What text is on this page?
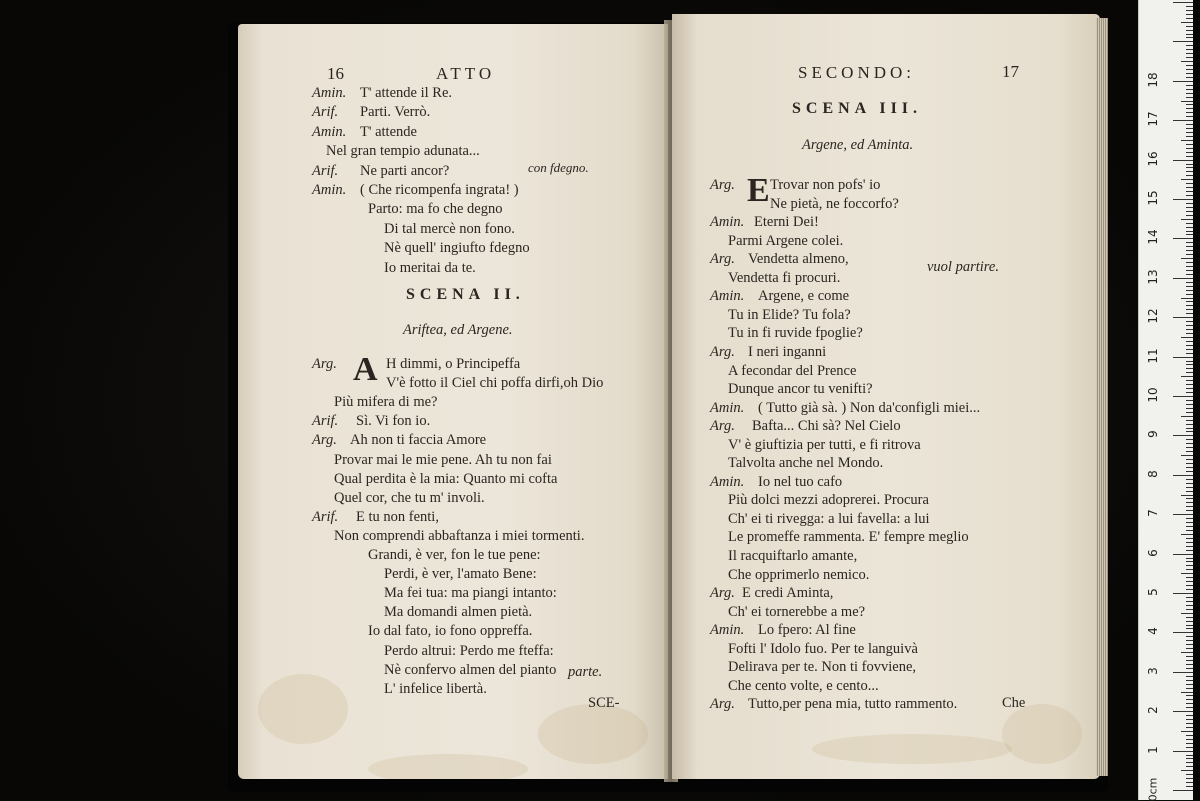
16	ATTO
Amin. T' attende il Re.
Arif. Parti. Verrò.
Amin. T' attende
Nel gran tempio adunata...
Arif. Ne parti ancor?
Amin. ( Che ricompenfa ingrata! )
Parto: ma fo che degno
Di tal mercè non fono.
Nè quell' ingiufto fdegno
Io meritai da te.
con fdegno.
SCENA II.
Ariftea, ed Argene.
A
Arg.	H dimmi, o Principeffa
V'è fotto il Ciel chi poffa dirfi,oh Dio
Più mifera di me?
Arif. Sì. Vi fon io.
Arg. Ah non ti faccia Amore
Provar mai le mie pene. Ah tu non fai
Qual perdita è la mia: Quanto mi cofta
Quel cor, che tu m' involi.
Arif. E tu non fenti,
Non comprendi abbaftanza i miei tormenti.
Grandi, è ver, fon le tue pene:
Perdi, è ver, l'amato Bene:
Ma fei tua: ma piangi intanto:
Ma domandi almen pietà.
Io dal fato, io fono oppreffa.
Perdo altrui: Perdo me fteffa:
Nè confervo almen del pianto
L' infelice libertà.
parte.
SCE-
SECONDO:	17
SCENA III.
Argene, ed Aminta.
E
Arg. Trovar non pofs' io
Ne pietà, ne foccorfo?
Amin. Eterni Dei!
Parmi Argene colei.
Arg. Vendetta almeno,
Vendetta fi procuri.
Amin. Argene, e come
Tu in Elide? Tu fola?
Tu in fi ruvide fpoglie?
Arg. I neri inganni
A fecondar del Prence
Dunque ancor tu venifti?
Amin. ( Tutto già sà. ) Non da'configli miei...
Arg. Bafta... Chi sà? Nel Cielo
V' è giuftizia per tutti, e fi ritrova
Talvolta anche nel Mondo.
Amin. Io nel tuo cafo
Più dolci mezzi adoprerei. Procura
Ch' ei ti rivegga: a lui favella: a lui
Le promeffe rammenta. E' fempre meglio
Il racquiftarlo amante,
Che opprimerlo nemico.
Arg. E credi Aminta,
Ch' ei tornerebbe a me?
Amin. Lo fpero: Al fine
Fofti l' Idolo fuo. Per te languivà
Delirava per te. Non ti fovviene,
Che cento volte, e cento...
Arg. Tutto,per pena mia, tutto rammento.
vuol partire.
Che
18
17
16
15
14
13
12
11
10
9
8
7
6
5
4
3
2
1
0cm
